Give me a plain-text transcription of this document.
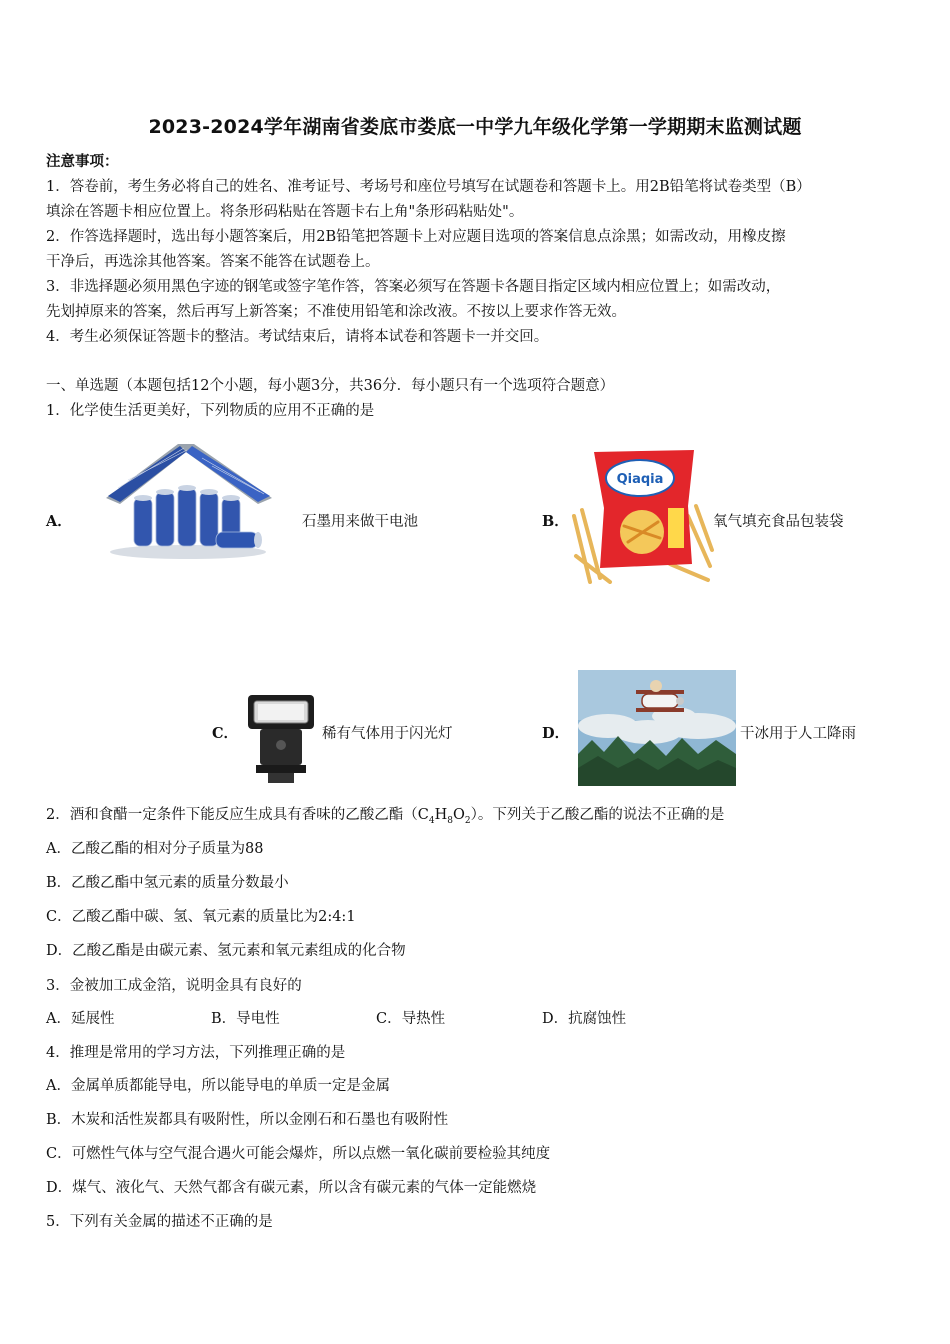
2023-2024学年湖南省娄底市娄底一中学九年级化学第一学期期末监测试题
注意事项：
1．答卷前，考生务必将自己的姓名、准考证号、考场号和座位号填写在试题卷和答题卡上。用2B铅笔将试卷类型（B）
填涂在答题卡相应位置上。将条形码粘贴在答题卡右上角"条形码粘贴处"。
2．作答选择题时，选出每小题答案后，用2B铅笔把答题卡上对应题目选项的答案信息点涂黑；如需改动，用橡皮擦
干净后，再选涂其他答案。答案不能答在试题卷上。
3．非选择题必须用黑色字迹的钢笔或签字笔作答，答案必须写在答题卡各题目指定区域内相应位置上；如需改动，
先划掉原来的答案，然后再写上新答案；不准使用铅笔和涂改液。不按以上要求作答无效。
4．考生必须保证答题卡的整洁。考试结束后，请将本试卷和答题卡一并交回。
一、单选题（本题包括12个小题，每小题3分，共36分．每小题只有一个选项符合题意）
1．化学使生活更美好，下列物质的应用不正确的是
A．	石墨用来做干电池	B．
Qiaqia
氧气填充食品包装袋
C．	稀有气体用于闪光灯	D．	干冰用于人工降雨
2．酒和食醋一定条件下能反应生成具有香味的乙酸乙酯$(C_4H_8O_2)$。下列关于乙酸乙酯的说法不正确的是
A．乙酸乙酯的相对分子质量为88
B．乙酸乙酯中氢元素的质量分数最小
C．乙酸乙酯中碳、氢、氧元素的质量比为2:4:1
D．乙酸乙酯是由碳元素、氢元素和氧元素组成的化合物
3．金被加工成金箔，说明金具有良好的
A．延展性	B．导电性	C．导热性	D．抗腐蚀性
4．推理是常用的学习方法，下列推理正确的是
A．金属单质都能导电，所以能导电的单质一定是金属
B．木炭和活性炭都具有吸附性，所以金刚石和石墨也有吸附性
C．可燃性气体与空气混合遇火可能会爆炸，所以点燃一氧化碳前要检验其纯度
D．煤气、液化气、天然气都含有碳元素，所以含有碳元素的气体一定能燃烧
5．下列有关金属的描述不正确的是
